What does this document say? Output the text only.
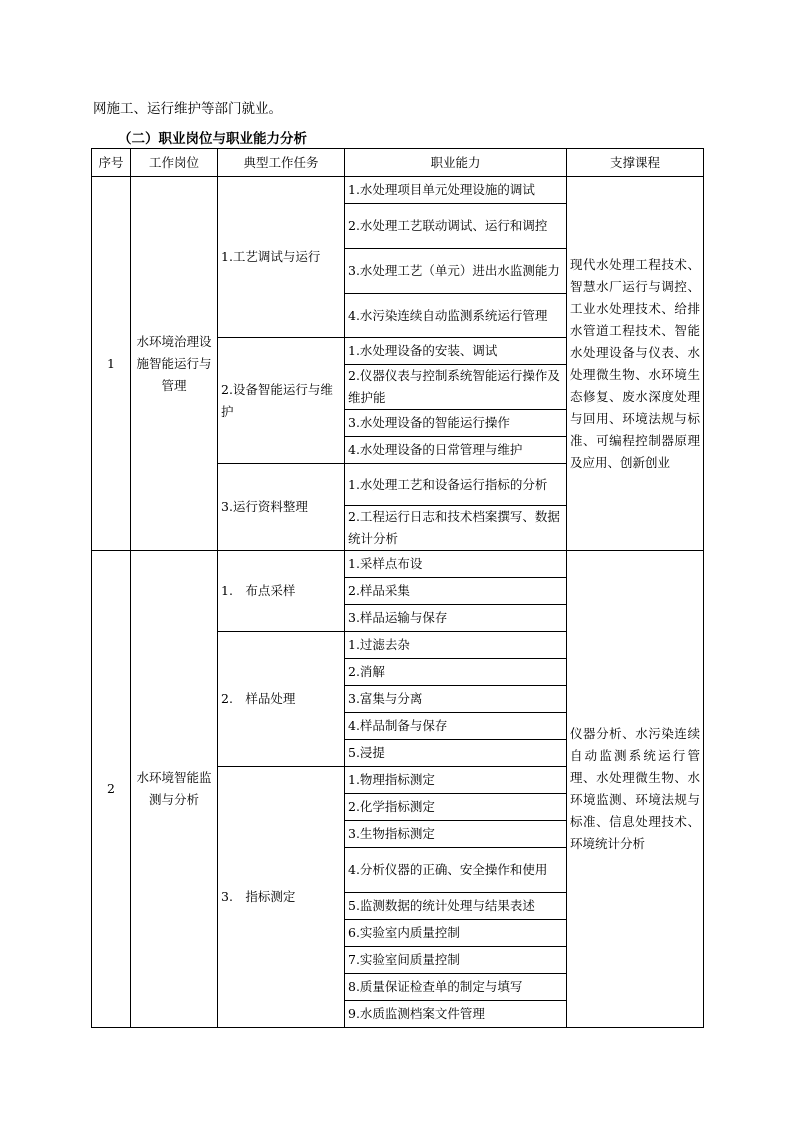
网施工、运行维护等部门就业。
（二）职业岗位与职业能力分析
序号	工作岗位	典型工作任务	职业能力	支撑课程
1	水环境治理设施智能运行与管理	1.工艺调试与运行	1.水处理项目单元处理设施的调试	现代水处理工程技术、智慧水厂运行与调控、工业水处理技术、给排水管道工程技术、智能水处理设备与仪表、水处理微生物、水环境生态修复、废水深度处理与回用、环境法规与标准、可编程控制器原理及应用、创新创业
			2.水处理工艺联动调试、运行和调控	
			3.水处理工艺（单元）进出水监测能力	
			4.水污染连续自动监测系统运行管理	
		2.设备智能运行与维护	1.水处理设备的安装、调试	
			2.仪器仪表与控制系统智能运行操作及维护能	
			3.水处理设备的智能运行操作	
			4.水处理设备的日常管理与维护	
		3.运行资料整理	1.水处理工艺和设备运行指标的分析	
			2.工程运行日志和技术档案撰写、数据统计分析	
2	水环境智能监测与分析	1.　布点采样	1.采样点布设	仪器分析、水污染连续自动监测系统运行管理、水处理微生物、水环境监测、环境法规与标准、信息处理技术、环境统计分析
			2.样品采集	
			3.样品运输与保存	
		2.　样品处理	1.过滤去杂	
			2.消解	
			3.富集与分离	
			4.样品制备与保存	
			5.浸提	
		3.　指标测定	1.物理指标测定	
			2.化学指标测定	
			3.生物指标测定	
			4.分析仪器的正确、安全操作和使用	
			5.监测数据的统计处理与结果表述	
			6.实验室内质量控制	
			7.实验室间质量控制	
			8.质量保证检查单的制定与填写	
			9.水质监测档案文件管理	
